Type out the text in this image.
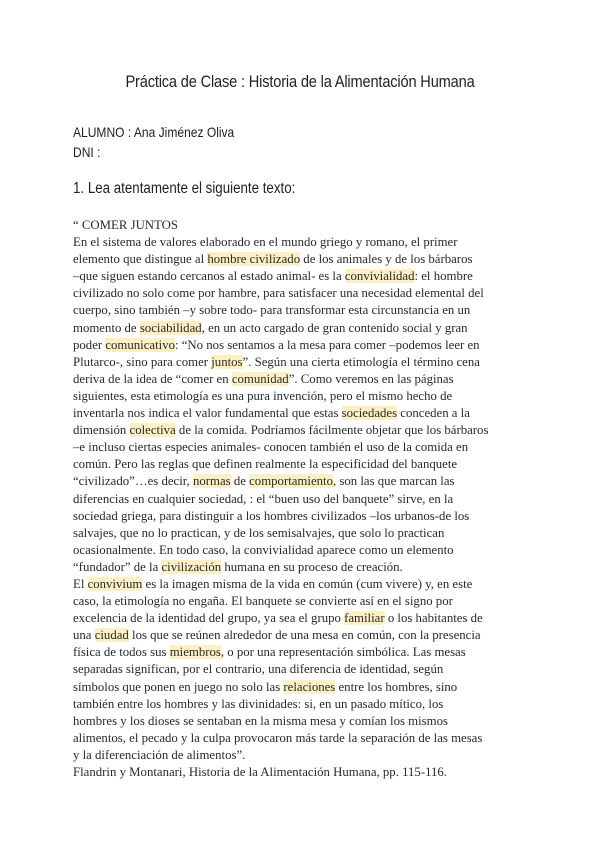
Práctica de Clase : Historia de la Alimentación Humana
ALUMNO : Ana Jiménez Oliva
DNI :
1. Lea atentamente el siguiente texto:
“ COMER JUNTOS
En el sistema de valores elaborado en el mundo griego y romano, el primer
elemento que distingue al hombre civilizado de los animales y de los bárbaros
–que siguen estando cercanos al estado animal- es la convivialidad: el hombre
civilizado no solo come por hambre, para satisfacer una necesidad elemental del
cuerpo, sino también –y sobre todo- para transformar esta circunstancia en un
momento de sociabilidad, en un acto cargado de gran contenido social y gran
poder comunicativo: “No nos sentamos a la mesa para comer –podemos leer en
Plutarco-, sino para comer juntos”. Según una cierta etimología el término cena
deriva de la idea de “comer en comunidad”. Como veremos en las páginas
siguientes, esta etimología es una pura invención, pero el mismo hecho de
inventarla nos indica el valor fundamental que estas sociedades conceden a la
dimensión colectiva de la comida. Podríamos fácilmente objetar que los bárbaros
–e incluso ciertas especies animales- conocen también el uso de la comida en
común. Pero las reglas que definen realmente la especificidad del banquete
“civilizado”…es decir, normas de comportamiento, son las que marcan las
diferencias en cualquier sociedad, : el “buen uso del banquete” sirve, en la
sociedad griega, para distinguir a los hombres civilizados –los urbanos-de los
salvajes, que no lo practican, y de los semisalvajes, que solo lo practican
ocasionalmente. En todo caso, la convivialidad aparece como un elemento
“fundador” de la civilización humana en su proceso de creación.
El convivium es la imagen misma de la vida en común (cum vivere) y, en este
caso, la etimología no engaña. El banquete se convierte así en el signo por
excelencia de la identidad del grupo, ya sea el grupo familiar o los habitantes de
una ciudad los que se reúnen alrededor de una mesa en común, con la presencia
física de todos sus miembros, o por una representación simbólica. Las mesas
separadas significan, por el contrario, una diferencia de identidad, según
símbolos que ponen en juego no solo las relaciones entre los hombres, sino
también entre los hombres y las divinidades: si, en un pasado mítico, los
hombres y los dioses se sentaban en la misma mesa y comían los mismos
alimentos, el pecado y la culpa provocaron más tarde la separación de las mesas
y la diferenciación de alimentos”.
Flandrin y Montanari, Historia de la Alimentación Humana, pp. 115-116.
